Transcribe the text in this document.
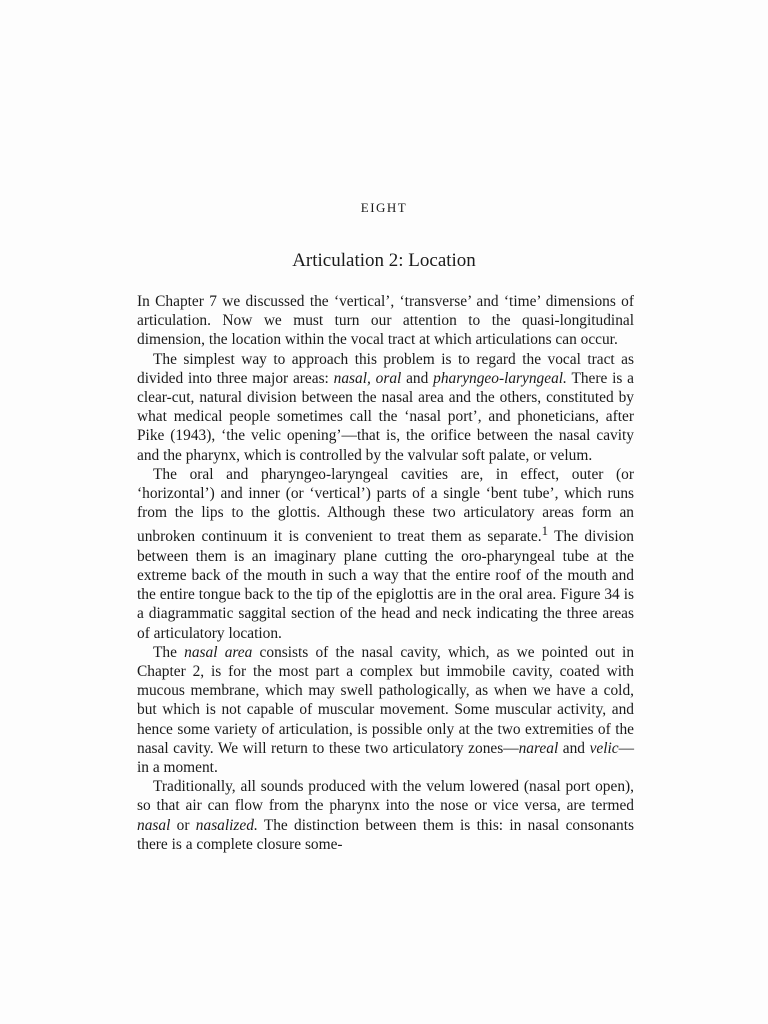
EIGHT
Articulation 2: Location

In Chapter 7 we discussed the ‘vertical’, ‘transverse’ and ‘time’ dimensions of articulation. Now we must turn our attention to the quasi-longitudinal dimension, the location within the vocal tract at which articulations can occur.

The simplest way to approach this problem is to regard the vocal tract as divided into three major areas: nasal, oral and pharyngeo-laryngeal. There is a clear-cut, natural division between the nasal area and the others, constituted by what medical people sometimes call the ‘nasal port’, and phoneticians, after Pike (1943), ‘the velic opening’—that is, the orifice between the nasal cavity and the pharynx, which is controlled by the valvular soft palate, or velum.

The oral and pharyngeo-laryngeal cavities are, in effect, outer (or ‘horizontal’) and inner (or ‘vertical’) parts of a single ‘bent tube’, which runs from the lips to the glottis. Although these two articulatory areas form an unbroken continuum it is convenient to treat them as separate.$^1$ The division between them is an imaginary plane cutting the oro-pharyngeal tube at the extreme back of the mouth in such a way that the entire roof of the mouth and the entire tongue back to the tip of the epiglottis are in the oral area. Figure 34 is a diagrammatic saggital section of the head and neck indicating the three areas of articulatory location.

The nasal area consists of the nasal cavity, which, as we pointed out in Chapter 2, is for the most part a complex but immobile cavity, coated with mucous membrane, which may swell pathologically, as when we have a cold, but which is not capable of muscular movement. Some muscular activity, and hence some variety of articulation, is possible only at the two extremities of the nasal cavity. We will return to these two articulatory zones—nareal and velic—in a moment.

Traditionally, all sounds produced with the velum lowered (nasal port open), so that air can flow from the pharynx into the nose or vice versa, are termed nasal or nasalized. The distinction between them is this: in nasal consonants there is a complete closure some-
